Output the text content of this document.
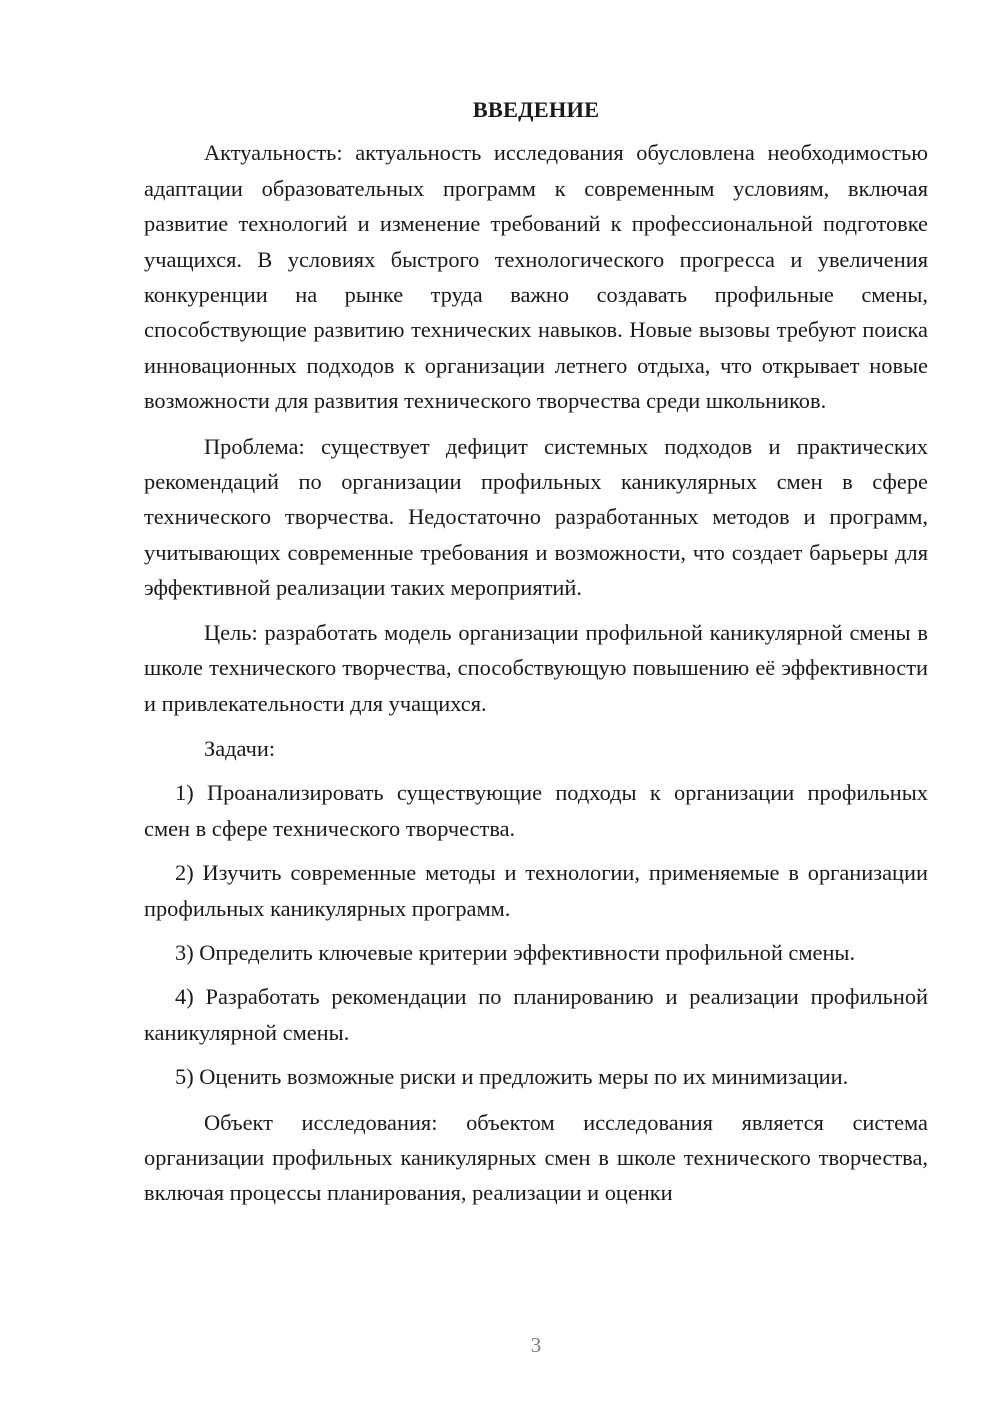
ВВЕДЕНИЕ

Актуальность: актуальность исследования обусловлена необходимостью адаптации образовательных программ к современным условиям, включая развитие технологий и изменение требований к профессиональной подготовке учащихся. В условиях быстрого технологического прогресса и увеличения конкуренции на рынке труда важно создавать профильные смены, способствующие развитию технических навыков. Новые вызовы требуют поиска инновационных подходов к организации летнего отдыха, что открывает новые возможности для развития технического творчества среди школьников.

Проблема: существует дефицит системных подходов и практических рекомендаций по организации профильных каникулярных смен в сфере технического творчества. Недостаточно разработанных методов и программ, учитывающих современные требования и возможности, что создает барьеры для эффективной реализации таких мероприятий.

Цель: разработать модель организации профильной каникулярной смены в школе технического творчества, способствующую повышению её эффективности и привлекательности для учащихся.

Задачи:

1) Проанализировать существующие подходы к организации профильных смен в сфере технического творчества.

2) Изучить современные методы и технологии, применяемые в организации профильных каникулярных программ.

3) Определить ключевые критерии эффективности профильной смены.

4) Разработать рекомендации по планированию и реализации профильной каникулярной смены.

5) Оценить возможные риски и предложить меры по их минимизации.

Объект исследования: объектом исследования является система организации профильных каникулярных смен в школе технического творчества, включая процессы планирования, реализации и оценки

3
